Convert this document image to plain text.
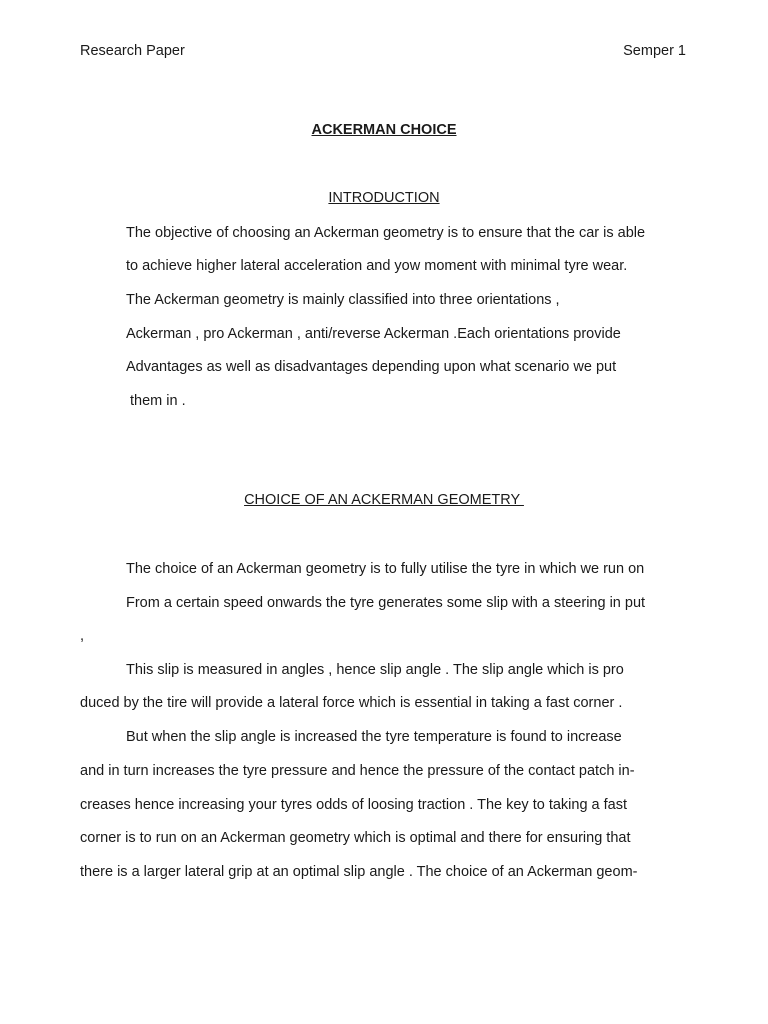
Research Paper	Semper 1
ACKERMAN CHOICE
INTRODUCTION
The objective of choosing an Ackerman geometry is to ensure that the car is able
to achieve higher lateral acceleration and yow moment with minimal tyre wear.
The Ackerman geometry is mainly classified into three orientations ,
Ackerman , pro Ackerman , anti/reverse Ackerman .Each orientations provide
Advantages as well as disadvantages depending upon what scenario we put
them in .
CHOICE OF AN ACKERMAN GEOMETRY
The choice of an Ackerman geometry is to fully utilise the tyre in which we run on
From a certain speed onwards the tyre generates some slip with a steering in put
,
This slip is measured in angles , hence slip angle . The slip angle which is pro
duced by the tire will provide a lateral force which is essential in taking a fast corner .
But when the slip angle is increased the tyre temperature is found to increase
and in turn increases the tyre pressure and hence the pressure of the contact patch in-
creases hence increasing your tyres odds of loosing traction . The key to taking a fast
corner is to run on an Ackerman geometry which is optimal and there for ensuring that
there is a larger lateral grip at an optimal slip angle . The choice of an Ackerman geom-
